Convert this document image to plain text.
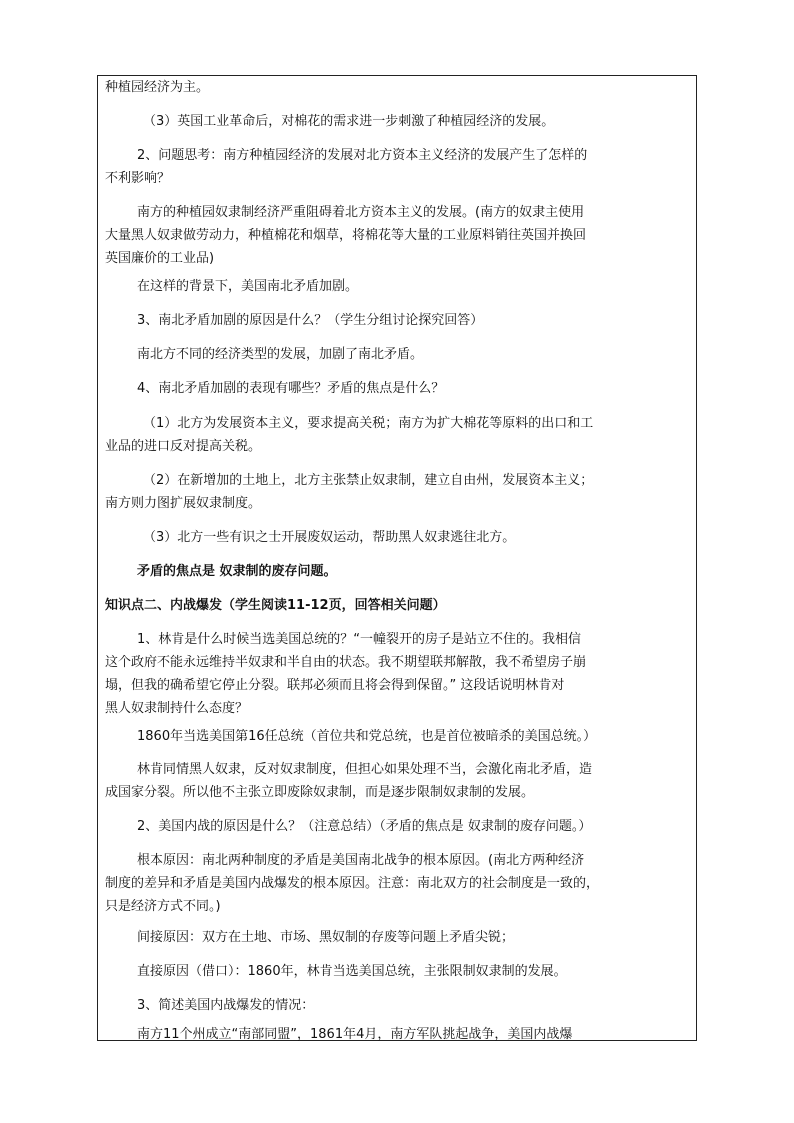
种植园经济为主。
（3）英国工业革命后，对棉花的需求进一步刺激了种植园经济的发展。
2、问题思考：南方种植园经济的发展对北方资本主义经济的发展产生了怎样的
不利影响？
南方的种植园奴隶制经济严重阻碍着北方资本主义的发展。(南方的奴隶主使用
大量黑人奴隶做劳动力，种植棉花和烟草，将棉花等大量的工业原料销往英国并换回
英国廉价的工业品)
在这样的背景下，美国南北矛盾加剧。
3、南北矛盾加剧的原因是什么？（学生分组讨论探究回答）
南北方不同的经济类型的发展，加剧了南北矛盾。
4、南北矛盾加剧的表现有哪些？矛盾的焦点是什么？
（1）北方为发展资本主义，要求提高关税；南方为扩大棉花等原料的出口和工
业品的进口反对提高关税。
（2）在新增加的土地上，北方主张禁止奴隶制，建立自由州，发展资本主义；
南方则力图扩展奴隶制度。
（3）北方一些有识之士开展废奴运动，帮助黑人奴隶逃往北方。
矛盾的焦点是 奴隶制的废存问题。
知识点二、内战爆发（学生阅读11-12页，回答相关问题）
1、林肯是什么时候当选美国总统的？“一幢裂开的房子是站立不住的。我相信
这个政府不能永远维持半奴隶和半自由的状态。我不期望联邦解散，我不希望房子崩
塌，但我的确希望它停止分裂。联邦必须而且将会得到保留。” 这段话说明林肯对
黑人奴隶制持什么态度？
1860年当选美国第16任总统（首位共和党总统，也是首位被暗杀的美国总统。）
林肯同情黑人奴隶，反对奴隶制度，但担心如果处理不当，会激化南北矛盾，造
成国家分裂。所以他不主张立即废除奴隶制，而是逐步限制奴隶制的发展。
2、美国内战的原因是什么？（注意总结）（矛盾的焦点是 奴隶制的废存问题。）
根本原因：南北两种制度的矛盾是美国南北战争的根本原因。(南北方两种经济
制度的差异和矛盾是美国内战爆发的根本原因。注意：南北双方的社会制度是一致的，
只是经济方式不同。)
间接原因：双方在土地、市场、黑奴制的存废等问题上矛盾尖锐；
直接原因（借口）：1860年，林肯当选美国总统，主张限制奴隶制的发展。
3、简述美国内战爆发的情况：
南方11个州成立“南部同盟”，1861年4月，南方军队挑起战争，美国内战爆
